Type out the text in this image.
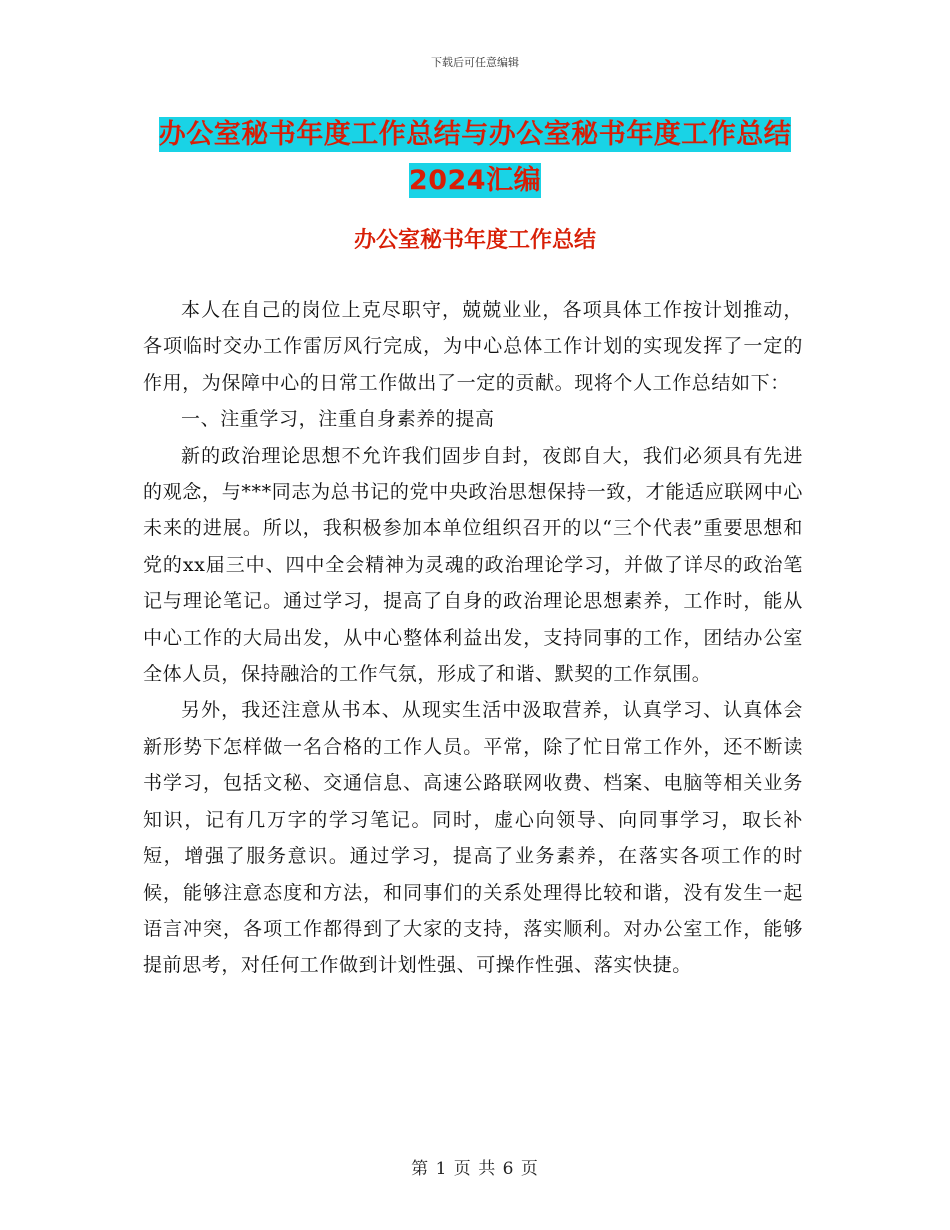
下载后可任意编辑
办公室秘书年度工作总结与办公室秘书年度工作总结
2024汇编
办公室秘书年度工作总结

本人在自己的岗位上克尽职守，兢兢业业，各项具体工作按计划推动，各项临时交办工作雷厉风行完成，为中心总体工作计划的实现发挥了一定的作用，为保障中心的日常工作做出了一定的贡献。现将个人工作总结如下：

一、注重学习，注重自身素养的提高

新的政治理论思想不允许我们固步自封，夜郎自大，我们必须具有先进的观念，与***同志为总书记的党中央政治思想保持一致，才能适应联网中心未来的进展。所以，我积极参加本单位组织召开的以“三个代表”重要思想和党的xx届三中、四中全会精神为灵魂的政治理论学习，并做了详尽的政治笔记与理论笔记。通过学习，提高了自身的政治理论思想素养，工作时，能从中心工作的大局出发，从中心整体利益出发，支持同事的工作，团结办公室全体人员，保持融洽的工作气氛，形成了和谐、默契的工作氛围。

另外，我还注意从书本、从现实生活中汲取营养，认真学习、认真体会新形势下怎样做一名合格的工作人员。平常，除了忙日常工作外，还不断读书学习，包括文秘、交通信息、高速公路联网收费、档案、电脑等相关业务知识，记有几万字的学习笔记。同时，虚心向领导、向同事学习，取长补短，增强了服务意识。通过学习，提高了业务素养，在落实各项工作的时候，能够注意态度和方法，和同事们的关系处理得比较和谐，没有发生一起语言冲突，各项工作都得到了大家的支持，落实顺利。对办公室工作，能够提前思考，对任何工作做到计划性强、可操作性强、落实快捷。

第 1 页 共 6 页
